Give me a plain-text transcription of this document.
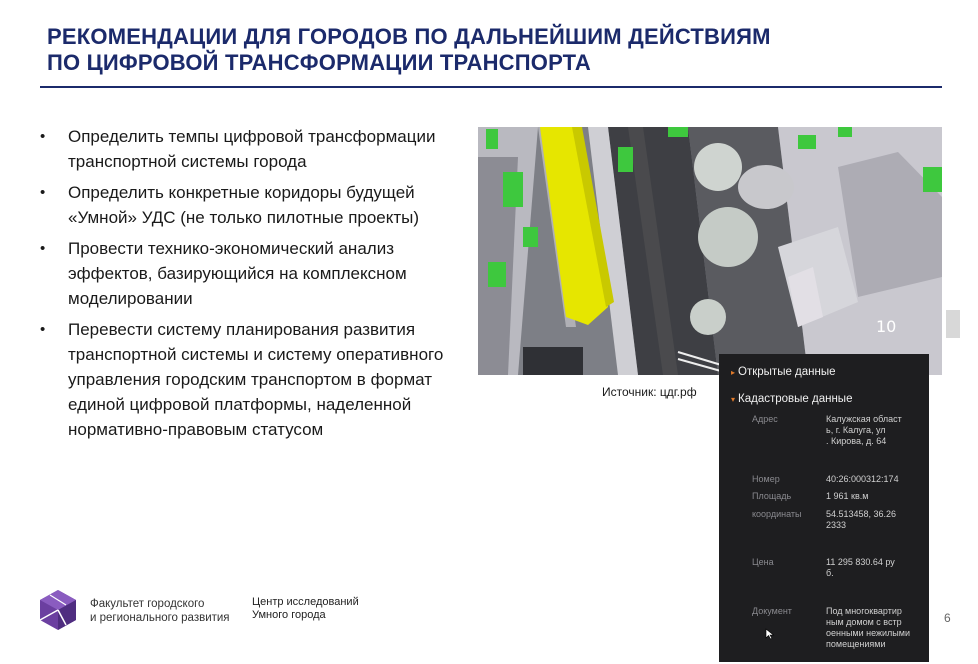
РЕКОМЕНДАЦИИ ДЛЯ ГОРОДОВ ПО ДАЛЬНЕЙШИМ ДЕЙСТВИЯМ
ПО ЦИФРОВОЙ ТРАНСФОРМАЦИИ ТРАНСПОРТА
• Определить темпы цифровой трансформации транспортной системы города
• Определить конкретные коридоры будущей «Умной» УДС (не только пилотные проекты)
• Провести технико-экономический анализ эффектов, базирующийся на комплексном моделировании
• Перевести систему планирования развития транспортной системы и систему оперативного управления городским транспортом в формат единой цифровой платформы, наделенной нормативно-правовым статусом
10
Источник: цдг.рф
▸ Открытые данные
▾ Кадастровые данные
Адрес	Калужская област
ь, г. Калуга, ул
. Кирова, д. 64
Номер	40:26:000312:174
Площадь	1 961 кв.м
координаты	54.513458, 36.26
2333
Цена	11 295 830.64 ру
б.
Документ	Под многоквартир
ным домом с встр
оенными нежилыми
помещениями
Факультет городского
и регионального развития
Центр исследований
Умного города	6
